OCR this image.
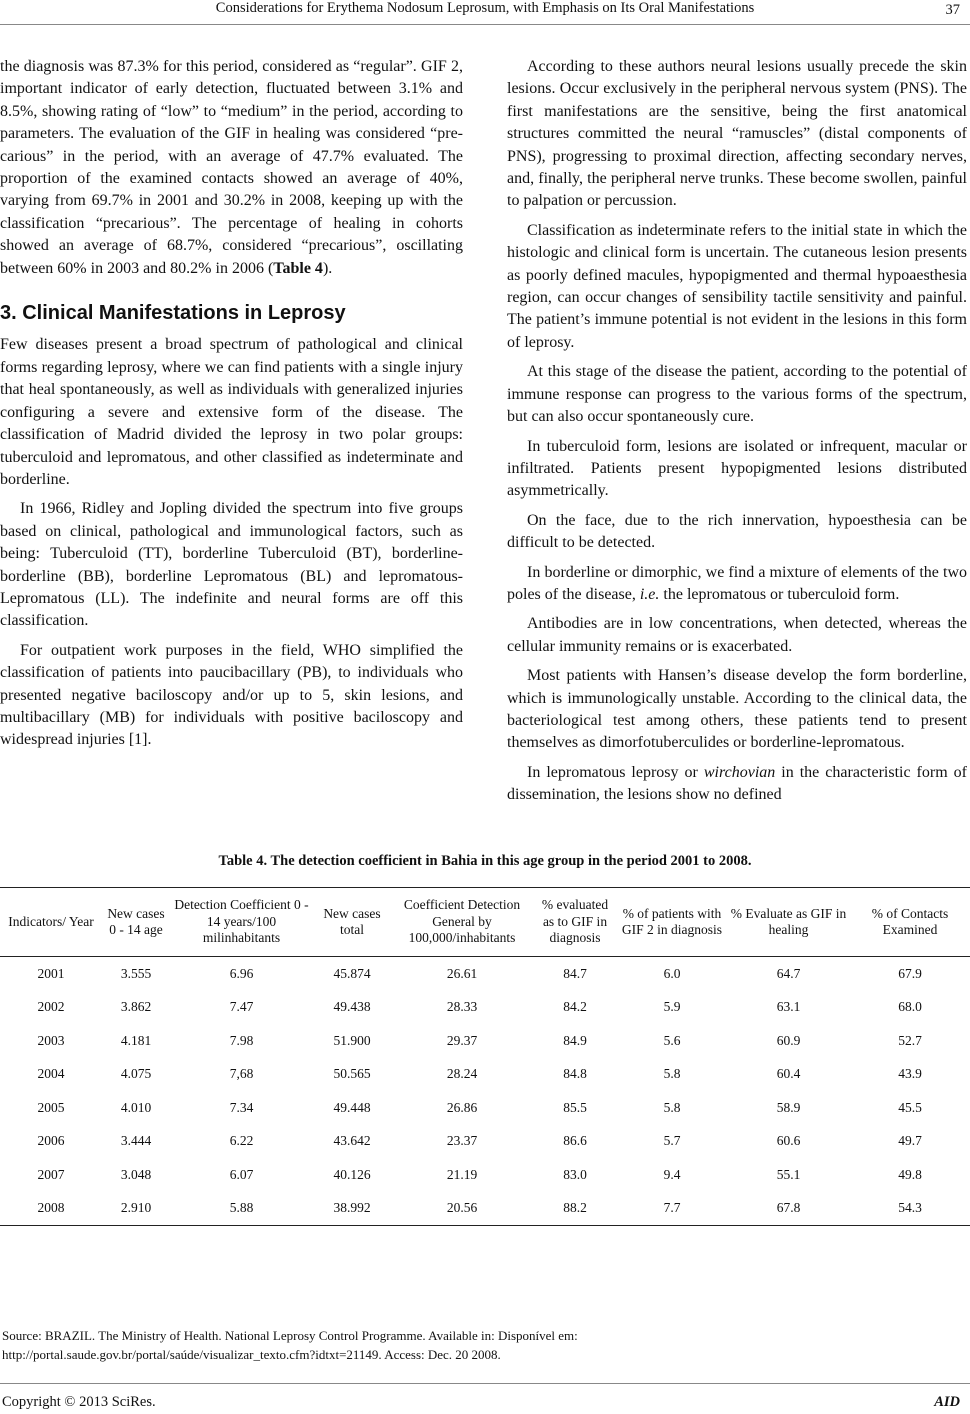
Considerations for Erythema Nodosum Leprosum, with Emphasis on Its Oral Manifestations	37

the diagnosis was 87.3% for this period, considered as “regular”. GIF 2, important indicator of early detection, fluctuated between 3.1% and 8.5%, showing rating of “low” to “medium” in the period, according to parameters. The evaluation of the GIF in healing was considered “pre-carious” in the period, with an average of 47.7% evaluated. The proportion of the examined contacts showed an average of 40%, varying from 69.7% in 2001 and 30.2% in 2008, keeping up with the classification “precarious”. The percentage of healing in cohorts showed an average of 68.7%, considered “precarious”, oscillating between 60% in 2003 and 80.2% in 2006 (Table 4).

3. Clinical Manifestations in Leprosy

Few diseases present a broad spectrum of pathological and clinical forms regarding leprosy, where we can find patients with a single injury that heal spontaneously, as well as individuals with generalized injuries configuring a severe and extensive form of the disease. The classification of Madrid divided the leprosy in two polar groups: tuberculoid and lepromatous, and other classified as indeterminate and borderline.

In 1966, Ridley and Jopling divided the spectrum into five groups based on clinical, pathological and immunological factors, such as being: Tuberculoid (TT), borderline Tuberculoid (BT), borderline-borderline (BB), borderline Lepromatous (BL) and lepromatous-Lepromatous (LL). The indefinite and neural forms are off this classification.

For outpatient work purposes in the field, WHO simplified the classification of patients into paucibacillary (PB), to individuals who presented negative baciloscopy and/or up to 5, skin lesions, and multibacillary (MB) for individuals with positive baciloscopy and widespread injuries [1].

According to these authors neural lesions usually precede the skin lesions. Occur exclusively in the peripheral nervous system (PNS). The first manifestations are the sensitive, being the first anatomical structures committed the neural “ramuscles” (distal components of PNS), progressing to proximal direction, affecting secondary nerves, and, finally, the peripheral nerve trunks. These become swollen, painful to palpation or percussion.

Classification as indeterminate refers to the initial state in which the histologic and clinical form is uncertain. The cutaneous lesion presents as poorly defined macules, hypopigmented and thermal hypoaesthesia region, can occur changes of sensibility tactile sensitivity and painful. The patient’s immune potential is not evident in the lesions in this form of leprosy.

At this stage of the disease the patient, according to the potential of immune response can progress to the various forms of the spectrum, but can also occur spontaneously cure.

In tuberculoid form, lesions are isolated or infrequent, macular or infiltrated. Patients present hypopigmented lesions distributed asymmetrically.

On the face, due to the rich innervation, hypoesthesia can be difficult to be detected.

In borderline or dimorphic, we find a mixture of elements of the two poles of the disease, i.e. the lepromatous or tuberculoid form.

Antibodies are in low concentrations, when detected, whereas the cellular immunity remains or is exacerbated.

Most patients with Hansen’s disease develop the form borderline, which is immunologically unstable. According to the clinical data, the bacteriological test among others, these patients tend to present themselves as dimorfotuberculides or borderline-lepromatous.

In lepromatous leprosy or wirchovian in the characteristic form of dissemination, the lesions show no defined

Table 4. The detection coefficient in Bahia in this age group in the period 2001 to 2008.
Indicators/ Year	New cases 0 - 14 age	Detection Coefficient 0 - 14 years/100 milinhabitants	New cases total	Coefficient Detection General by 100,000/inhabitants	% evaluated as to GIF in diagnosis	% of patients with GIF 2 in diagnosis	% Evaluate as GIF in healing	% of Contacts Examined
2001	3.555	6.96	45.874	26.61	84.7	6.0	64.7	67.9
2002	3.862	7.47	49.438	28.33	84.2	5.9	63.1	68.0
2003	4.181	7.98	51.900	29.37	84.9	5.6	60.9	52.7
2004	4.075	7,68	50.565	28.24	84.8	5.8	60.4	43.9
2005	4.010	7.34	49.448	26.86	85.5	5.8	58.9	45.5
2006	3.444	6.22	43.642	23.37	86.6	5.7	60.6	49.7
2007	3.048	6.07	40.126	21.19	83.0	9.4	55.1	49.8
2008	2.910	5.88	38.992	20.56	88.2	7.7	67.8	54.3
Source: BRAZIL. The Ministry of Health. National Leprosy Control Programme. Available in: Disponível em:
http://portal.saude.gov.br/portal/saúde/visualizar_texto.cfm?idtxt=21149. Access: Dec. 20 2008.
Copyright © 2013 SciRes.	AID
